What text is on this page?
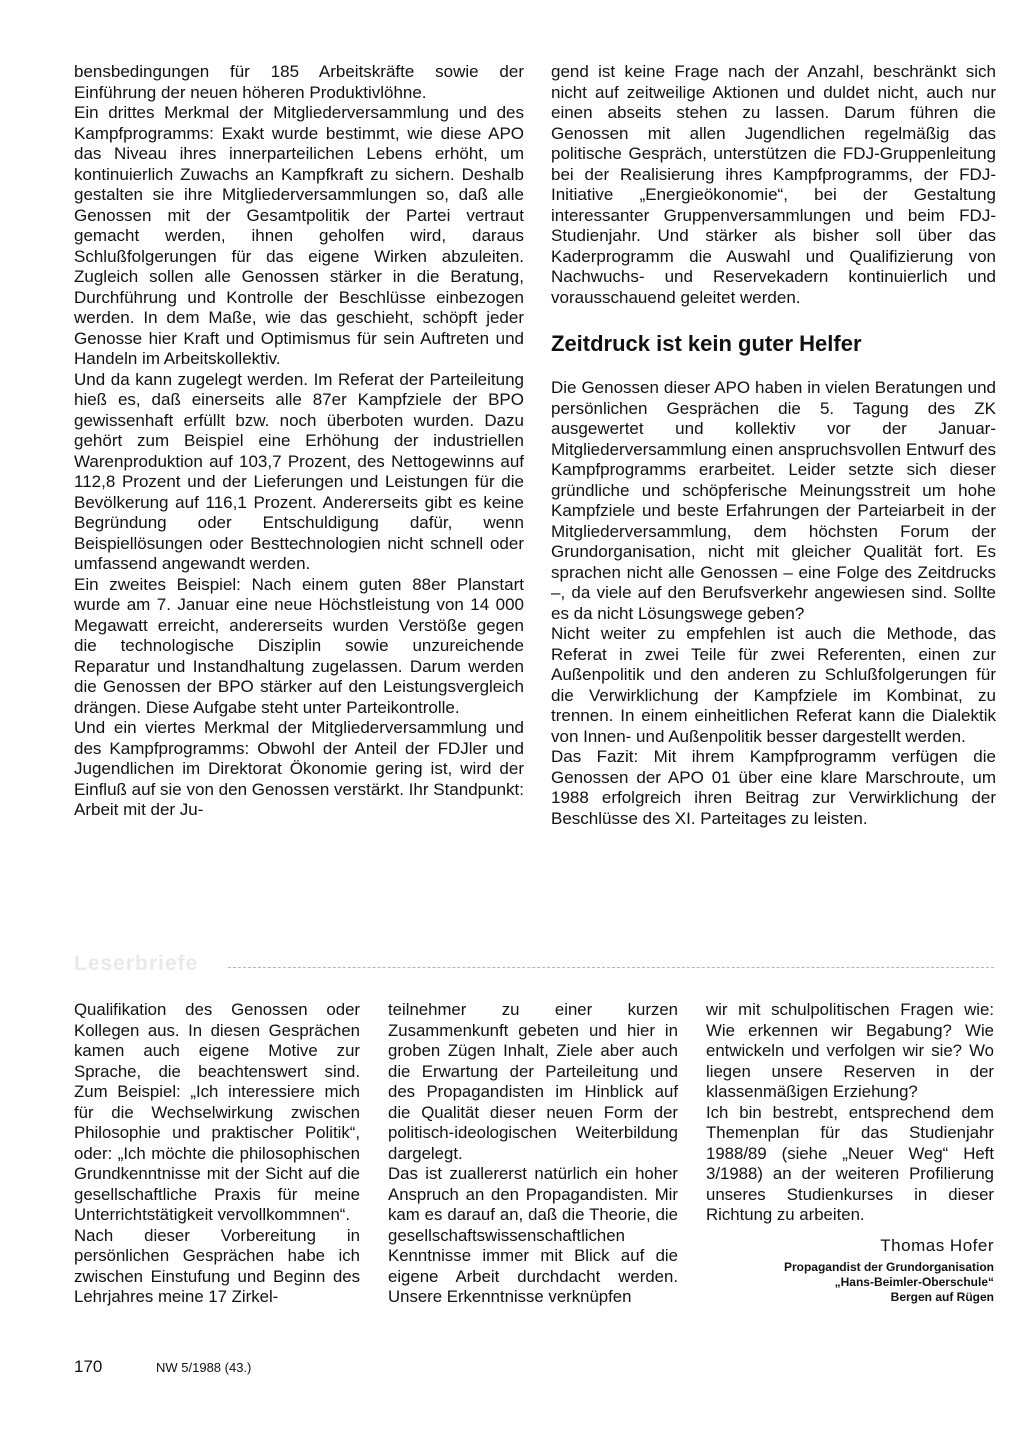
bensbedingungen für 185 Arbeitskräfte sowie der Einführung der neuen höheren Produktivlöhne.

Ein drittes Merkmal der Mitgliederversammlung und des Kampfprogramms: Exakt wurde bestimmt, wie diese APO das Niveau ihres innerparteilichen Lebens erhöht, um kontinuierlich Zuwachs an Kampfkraft zu sichern. Deshalb gestalten sie ihre Mitgliederversammlungen so, daß alle Genossen mit der Gesamtpolitik der Partei vertraut gemacht werden, ihnen geholfen wird, daraus Schlußfolgerungen für das eigene Wirken abzuleiten. Zugleich sollen alle Genossen stärker in die Beratung, Durchführung und Kontrolle der Beschlüsse einbezogen werden. In dem Maße, wie das geschieht, schöpft jeder Genosse hier Kraft und Optimismus für sein Auftreten und Handeln im Arbeitskollektiv.

Und da kann zugelegt werden. Im Referat der Parteileitung hieß es, daß einerseits alle 87er Kampfziele der BPO gewissenhaft erfüllt bzw. noch überboten wurden. Dazu gehört zum Beispiel eine Erhöhung der industriellen Warenproduktion auf 103,7 Prozent, des Nettogewinns auf 112,8 Prozent und der Lieferungen und Leistungen für die Bevölkerung auf 116,1 Prozent. Andererseits gibt es keine Begründung oder Entschuldigung dafür, wenn Beispiellösungen oder Besttechnologien nicht schnell oder umfassend angewandt werden.

Ein zweites Beispiel: Nach einem guten 88er Planstart wurde am 7. Januar eine neue Höchstleistung von 14 000 Megawatt erreicht, andererseits wurden Verstöße gegen die technologische Disziplin sowie unzureichende Reparatur und Instandhaltung zugelassen. Darum werden die Genossen der BPO stärker auf den Leistungsvergleich drängen. Diese Aufgabe steht unter Parteikontrolle.

Und ein viertes Merkmal der Mitgliederversammlung und des Kampfprogramms: Obwohl der Anteil der FDJler und Jugendlichen im Direktorat Ökonomie gering ist, wird der Einfluß auf sie von den Genossen verstärkt. Ihr Standpunkt: Arbeit mit der Ju-

gend ist keine Frage nach der Anzahl, beschränkt sich nicht auf zeitweilige Aktionen und duldet nicht, auch nur einen abseits stehen zu lassen. Darum führen die Genossen mit allen Jugendlichen regelmäßig das politische Gespräch, unterstützen die FDJ-Gruppenleitung bei der Realisierung ihres Kampfprogramms, der FDJ-Initiative „Energieökonomie“, bei der Gestaltung interessanter Gruppenversammlungen und beim FDJ-Studienjahr. Und stärker als bisher soll über das Kaderprogramm die Auswahl und Qualifizierung von Nachwuchs- und Reservekadern kontinuierlich und vorausschauend geleitet werden.

Zeitdruck ist kein guter Helfer

Die Genossen dieser APO haben in vielen Beratungen und persönlichen Gesprächen die 5. Tagung des ZK ausgewertet und kollektiv vor der Januar-Mitgliederversammlung einen anspruchsvollen Entwurf des Kampfprogramms erarbeitet. Leider setzte sich dieser gründliche und schöpferische Meinungsstreit um hohe Kampfziele und beste Erfahrungen der Parteiarbeit in der Mitgliederversammlung, dem höchsten Forum der Grundorganisation, nicht mit gleicher Qualität fort. Es sprachen nicht alle Genossen – eine Folge des Zeitdrucks –, da viele auf den Berufsverkehr angewiesen sind. Sollte es da nicht Lösungswege geben?

Nicht weiter zu empfehlen ist auch die Methode, das Referat in zwei Teile für zwei Referenten, einen zur Außenpolitik und den anderen zu Schlußfolgerungen für die Verwirklichung der Kampfziele im Kombinat, zu trennen. In einem einheitlichen Referat kann die Dialektik von Innen- und Außenpolitik besser dargestellt werden.

Das Fazit: Mit ihrem Kampfprogramm verfügen die Genossen der APO 01 über eine klare Marschroute, um 1988 erfolgreich ihren Beitrag zur Verwirklichung der Beschlüsse des XI. Parteitages zu leisten.

Leserbriefe

Qualifikation des Genossen oder Kollegen aus. In diesen Gesprächen kamen auch eigene Motive zur Sprache, die beachtenswert sind. Zum Beispiel: „Ich interessiere mich für die Wechselwirkung zwischen Philosophie und praktischer Politik“, oder: „Ich möchte die philosophischen Grundkenntnisse mit der Sicht auf die gesellschaftliche Praxis für meine Unterrichtstätigkeit vervollkommnen“.

Nach dieser Vorbereitung in persönlichen Gesprächen habe ich zwischen Einstufung und Beginn des Lehrjahres meine 17 Zirkel-

teilnehmer zu einer kurzen Zusammenkunft gebeten und hier in groben Zügen Inhalt, Ziele aber auch die Erwartung der Parteileitung und des Propagandisten im Hinblick auf die Qualität dieser neuen Form der politisch-ideologischen Weiterbildung dargelegt.

Das ist zuallererst natürlich ein hoher Anspruch an den Propagandisten. Mir kam es darauf an, daß die Theorie, die gesellschaftswissenschaftlichen Kenntnisse immer mit Blick auf die eigene Arbeit durchdacht werden. Unsere Erkenntnisse verknüpfen

wir mit schulpolitischen Fragen wie: Wie erkennen wir Begabung? Wie entwickeln und verfolgen wir sie? Wo liegen unsere Reserven in der klassenmäßigen Erziehung?

Ich bin bestrebt, entsprechend dem Themenplan für das Studienjahr 1988/89 (siehe „Neuer Weg“ Heft 3/1988) an der weiteren Profilierung unseres Studienkurses in dieser Richtung zu arbeiten.

Thomas Hofer
Propagandist der Grundorganisation
„Hans-Beimler-Oberschule“
Bergen auf Rügen
170	NW 5/1988 (43.)
